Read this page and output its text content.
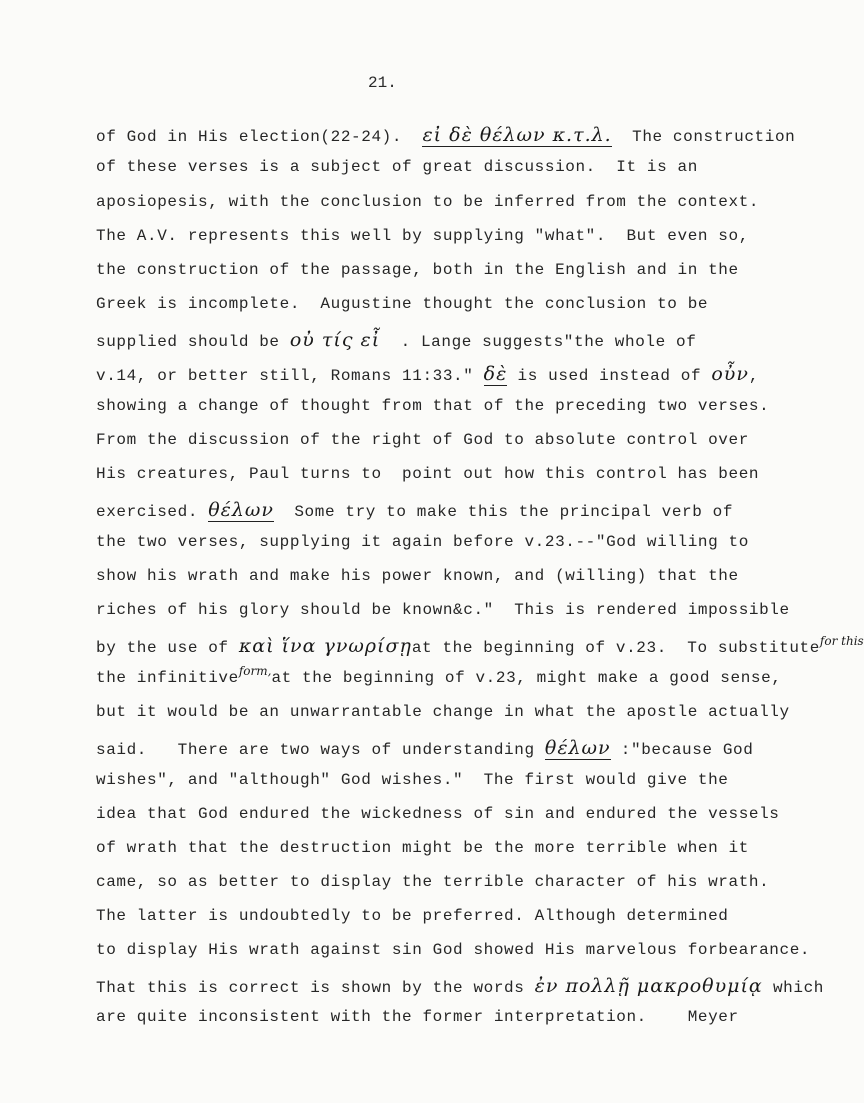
21.
of God in His election(22-24).  εἰ δὲ θέλων κ.τ.λ.  The construction
of these verses is a subject of great discussion.  It is an
aposiopesis, with the conclusion to be inferred from the context.
The A.V. represents this well by supplying "what".  But even so,
the construction of the passage, both in the English and in the
Greek is incomplete.  Augustine thought the conclusion to be
supplied should be οὐ τίς εἶ  . Lange suggests"the whole of
v.14, or better still, Romans 11:33." δὲ is used instead of οὖν,
showing a change of thought from that of the preceding two verses.
From the discussion of the right of God to absolute control over
His creatures, Paul turns to  point out how this control has been
exercised. θέλων  Some try to make this the principal verb of
the two verses, supplying it again before v.23.--"God willing to
show his wrath and make his power known, and (willing) that the
riches of his glory should be known&c."  This is rendered impossible
by the use of καὶ ἵνα γνωρίσῃat the beginning of v.23.  To substitute$^{for this}$
the infinitive$^{form,}$at the beginning of v.23, might make a good sense,
but it would be an unwarrantable change in what the apostle actually
said.   There are two ways of understanding θέλων :"because God
wishes", and "although" God wishes."  The first would give the
idea that God endured the wickedness of sin and endured the vessels
of wrath that the destruction might be the more terrible when it
came, so as better to display the terrible character of his wrath.
The latter is undoubtedly to be preferred. Although determined
to display His wrath against sin God showed His marvelous forbearance.
That this is correct is shown by the words ἐν πολλῇ μακροθυμίᾳ which
are quite inconsistent with the former interpretation.    Meyer
